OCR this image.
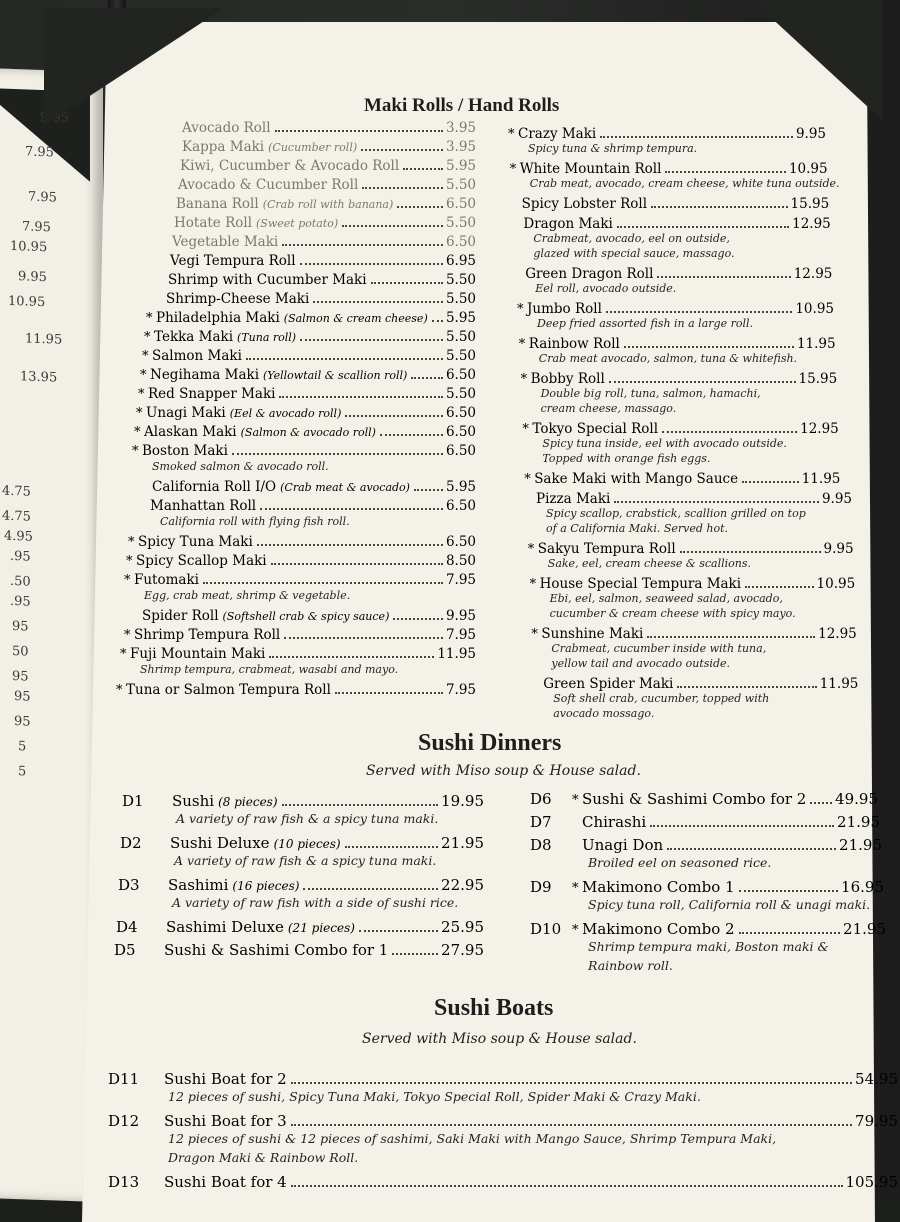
9.95
7.95
7.95
7.95
10.95
9.95
10.95
11.95
13.95
4.75
4.75
4.95
.95
.50
.95
95
50
95
95
95
5
5
Maki Rolls / Hand Rolls
Sushi Dinners
Served with Miso soup & House salad.
Sushi Boats
Served with Miso soup & House salad.
Avocado Roll	3.95
Kappa Maki (Cucumber roll)	3.95
Kiwi, Cucumber & Avocado Roll	5.95
Avocado & Cucumber Roll	5.50
Banana Roll (Crab roll with banana)	6.50
Hotate Roll (Sweet potato)	5.50
Vegetable Maki	6.50
Vegi Tempura Roll	6.95
Shrimp with Cucumber Maki	5.50
Shrimp-Cheese Maki	5.50
* Philadelphia Maki (Salmon & cream cheese) 5.95
* Tekka Maki (Tuna roll)	5.50
* Salmon Maki	5.50
* Negihama Maki (Yellowtail & scallion roll)	6.50
* Red Snapper Maki	5.50
* Unagi Maki (Eel & avocado roll)	6.50
* Alaskan Maki (Salmon & avocado roll)	6.50
* Boston Maki	6.50
Smoked salmon & avocado roll.
California Roll I/O (Crab meat & avocado)	5.95
Manhattan Roll	6.50
California roll with flying fish roll.
* Spicy Tuna Maki	6.50
* Spicy Scallop Maki	8.50
* Futomaki	7.95
Egg, crab meat, shrimp & vegetable.
Spider Roll (Softshell crab & spicy sauce)	9.95
* Shrimp Tempura Roll	7.95
* Fuji Mountain Maki	11.95
Shrimp tempura, crabmeat, wasabi and mayo.
* Tuna or Salmon Tempura Roll	7.95
* Crazy Maki	9.95
Spicy tuna & shrimp tempura.
* White Mountain Roll	10.95
Crab meat, avocado, cream cheese, white tuna outside.
Spicy Lobster Roll	15.95
Dragon Maki	12.95
Crabmeat, avocado, eel on outside,
glazed with special sauce, massago.
Green Dragon Roll	12.95
Eel roll, avocado outside.
* Jumbo Roll	10.95
Deep fried assorted fish in a large roll.
* Rainbow Roll	11.95
Crab meat avocado, salmon, tuna & whitefish.
* Bobby Roll	15.95
Double big roll, tuna, salmon, hamachi,
cream cheese, massago.
* Tokyo Special Roll	12.95
Spicy tuna inside, eel with avocado outside.
Topped with orange fish eggs.
* Sake Maki with Mango Sauce	11.95
Pizza Maki	9.95
Spicy scallop, crabstick, scallion grilled on top
of a California Maki. Served hot.
* Sakyu Tempura Roll	9.95
Sake, eel, cream cheese & scallions.
* House Special Tempura Maki	10.95
Ebi, eel, salmon, seaweed salad, avocado,
cucumber & cream cheese with spicy mayo.
* Sunshine Maki	12.95
Crabmeat, cucumber inside with tuna,
yellow tail and avocado outside.
Green Spider Maki	11.95
Soft shell crab, cucumber, topped with
avocado mossago.
D1	Sushi (8 pieces)	19.95
A variety of raw fish & a spicy tuna maki.
D2	Sushi Deluxe (10 pieces)	21.95
A variety of raw fish & a spicy tuna maki.
D3	Sashimi (16 pieces)	22.95
A variety of raw fish with a side of sushi rice.
D4	Sashimi Deluxe (21 pieces)	25.95
D5	Sushi & Sashimi Combo for 1	27.95
D6	* Sushi & Sashimi Combo for 2 49.95
D7	Chirashi	21.95
D8	Unagi Don	21.95
Broiled eel on seasoned rice.
D9	* Makimono Combo 1	16.95
Spicy tuna roll, California roll & unagi maki.
D10 * Makimono Combo 2	21.95
Shrimp tempura maki, Boston maki &
Rainbow roll.
D11	Sushi Boat for 2	54.95
12 pieces of sushi, Spicy Tuna Maki, Tokyo Special Roll, Spider Maki & Crazy Maki.
D12	Sushi Boat for 3	79.95
12 pieces of sushi & 12 pieces of sashimi, Saki Maki with Mango Sauce, Shrimp Tempura Maki,
Dragon Maki & Rainbow Roll.
D13	Sushi Boat for 4	105.95
